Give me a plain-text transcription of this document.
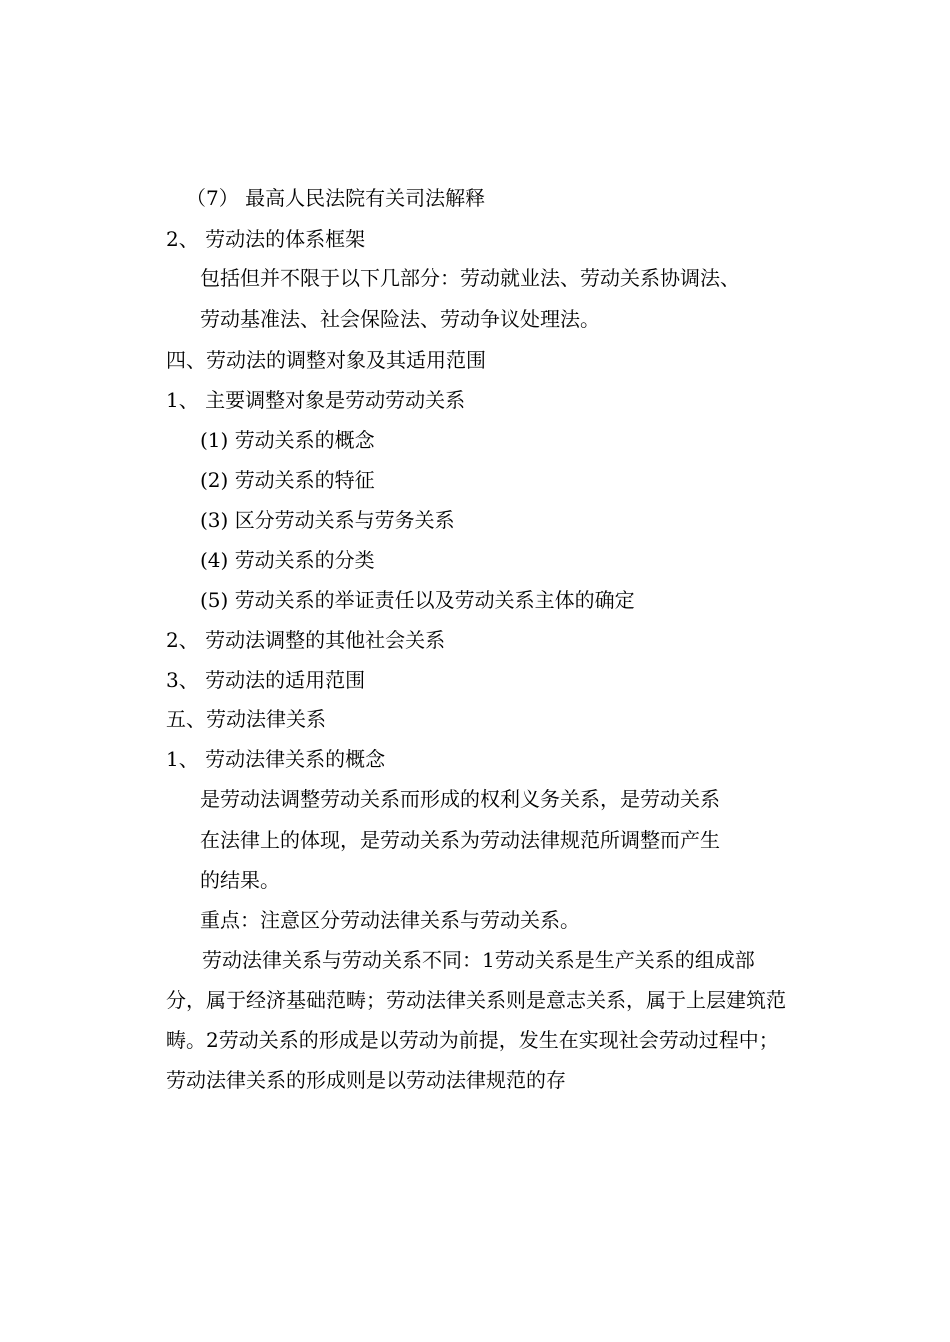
（7） 最高人民法院有关司法解释
2、 劳动法的体系框架
包括但并不限于以下几部分：劳动就业法、劳动关系协调法、
劳动基准法、社会保险法、劳动争议处理法。
四、劳动法的调整对象及其适用范围
1、 主要调整对象是劳动劳动关系
(1) 劳动关系的概念
(2) 劳动关系的特征
(3) 区分劳动关系与劳务关系
(4) 劳动关系的分类
(5) 劳动关系的举证责任以及劳动关系主体的确定
2、 劳动法调整的其他社会关系
3、 劳动法的适用范围
五、劳动法律关系
1、 劳动法律关系的概念
是劳动法调整劳动关系而形成的权利义务关系，是劳动关系
在法律上的体现，是劳动关系为劳动法律规范所调整而产生
的结果。
重点：注意区分劳动法律关系与劳动关系。
劳动法律关系与劳动关系不同：1劳动关系是生产关系的组成部分，属于经济基础范畴；劳动法律关系则是意志关系，属于上层建筑范畴。2劳动关系的形成是以劳动为前提，发生在实现社会劳动过程中；劳动法律关系的形成则是以劳动法律规范的存
